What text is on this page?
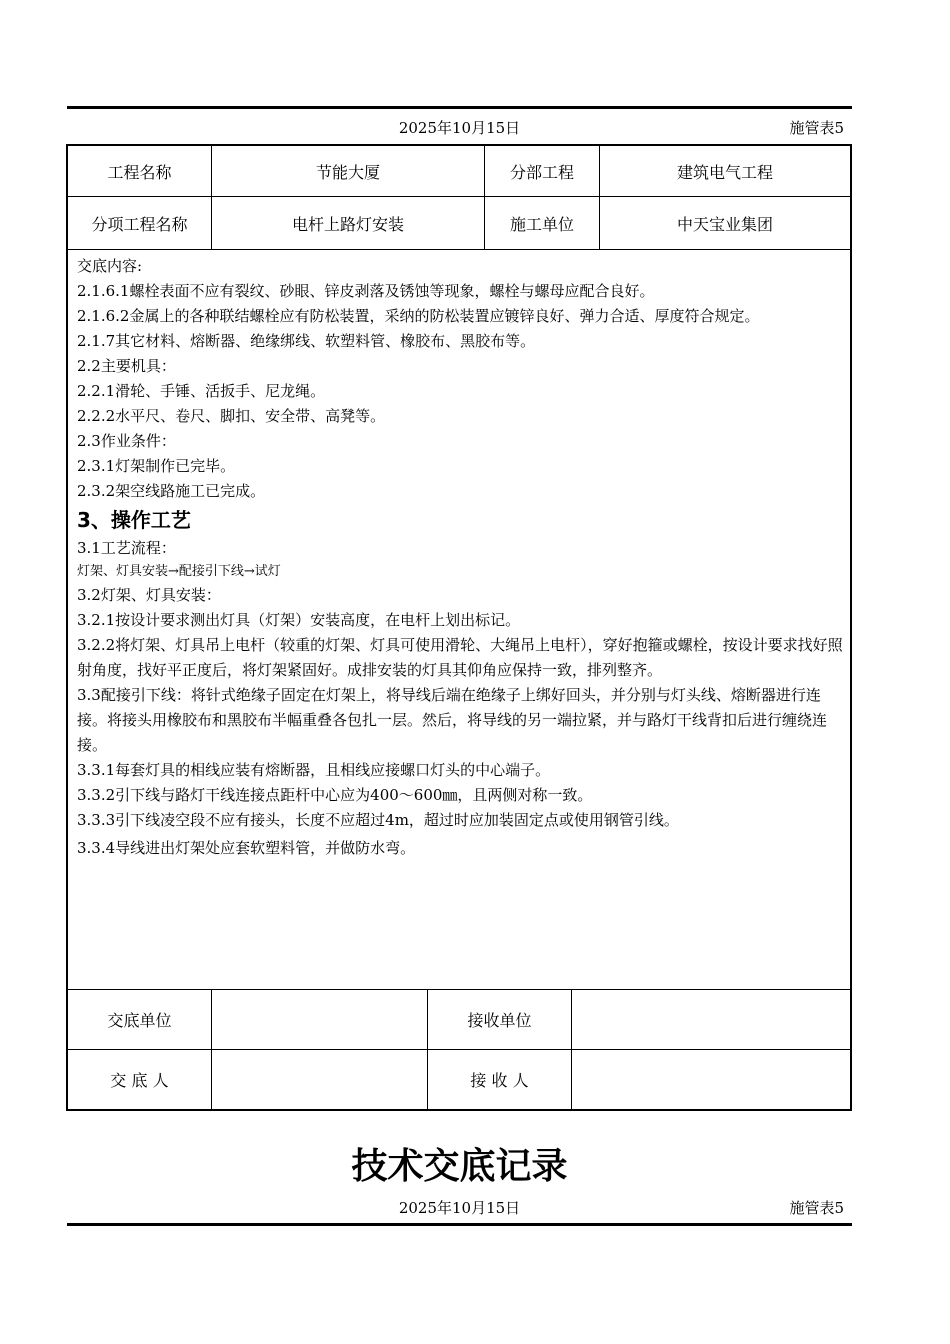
2025年10月15日	施管表5
工程名称	节能大厦	分部工程	建筑电气工程
分项工程名称	电杆上路灯安装	施工单位	中天宝业集团
交底内容:
2.1.6.1螺栓表面不应有裂纹、砂眼、锌皮剥落及锈蚀等现象，螺栓与螺母应配合良好。
2.1.6.2金属上的各种联结螺栓应有防松装置，采纳的防松装置应镀锌良好、弹力合适、厚度符合规定。
2.1.7其它材料、熔断器、绝缘绑线、软塑料管、橡胶布、黑胶布等。
2.2主要机具：
2.2.1滑轮、手锤、活扳手、尼龙绳。
2.2.2水平尺、卷尺、脚扣、安全带、高凳等。
2.3作业条件：
2.3.1灯架制作已完毕。
2.3.2架空线路施工已完成。
3、操作工艺
3.1工艺流程：
灯架、灯具安装→配接引下线→试灯
3.2灯架、灯具安装：
3.2.1按设计要求测出灯具（灯架）安装高度，在电杆上划出标记。
3.2.2将灯架、灯具吊上电杆（较重的灯架、灯具可使用滑轮、大绳吊上电杆），穿好抱箍或螺栓，按设计要求找好照射角度，找好平正度后，将灯架紧固好。成排安装的灯具其仰角应保持一致，排列整齐。
3.3配接引下线：将针式绝缘子固定在灯架上，将导线后端在绝缘子上绑好回头，并分别与灯头线、熔断器进行连接。将接头用橡胶布和黑胶布半幅重叠各包扎一层。然后，将导线的另一端拉紧，并与路灯干线背扣后进行缠绕连接。
3.3.1每套灯具的相线应装有熔断器，且相线应接螺口灯头的中心端子。
3.3.2引下线与路灯干线连接点距杆中心应为400～600㎜，且两侧对称一致。
3.3.3引下线凌空段不应有接头，长度不应超过4m，超过时应加装固定点或使用钢管引线。
3.3.4导线进出灯架处应套软塑料管，并做防水弯。
交底单位	接收单位
交 底 人	接 收 人
技术交底记录
2025年10月15日	施管表5
